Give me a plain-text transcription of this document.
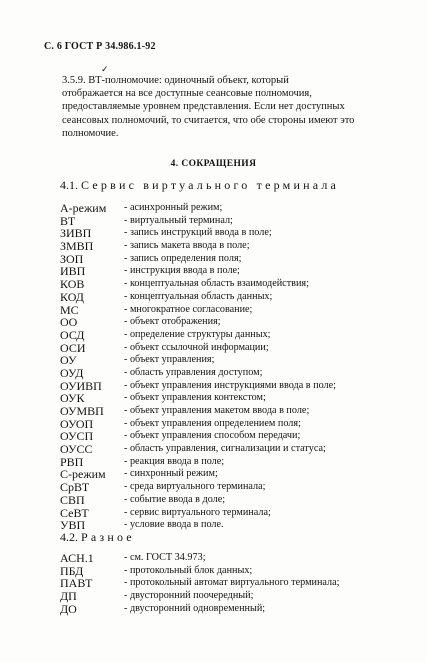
С. 6 ГОСТ Р 34.986.1-92
✓

3.5.9. ВТ-полномочие: одиночный объект, который

отображается на все доступные сеансовые полномочия,

предоставляемые уровнем представления. Если нет доступных

сеансовых полномочий, то считается, что обе стороны имеют это

полномочие.

4. СОКРАЩЕНИЯ
4.1. Сервис виртуального терминала
А-режим - асинхронный режим;
ВТ	- виртуальный терминал;
ЗИВП	- запись инструкций ввода в поле;
ЗМВП	- запись макета ввода в поле;
ЗОП	- запись определения поля;
ИВП	- инструкция ввода в поле;
КОВ	- концептуальная область взаимодействия;
КОД	- концептуальная область данных;
МС	- многократное согласование;
ОО	- объект отображения;
ОСД	- определение структуры данных;
ОСИ	- объект ссылочной информации;
ОУ	- объект управления;
ОУД	- область управления доступом;
ОУИВП - объект управления инструкциями ввода в поле;
ОУК	- объект управления контекстом;
ОУМВП - объект управления макетом ввода в поле;
ОУОП	- объект управления определением поля;
ОУСП	- объект управления способом передачи;
ОУСС	- область управления, сигнализации и статуса;
РВП	- реакция ввода в поле;
С-режим - синхронный режим;
СрВТ	- среда виртуального терминала;
СВП	- событие ввода в доле;
СеВТ	- сервис виртуального терминала;
УВП	- условие ввода в поле.
4.2. Разное
АСН.1	- см. ГОСТ 34.973;
ПБД	- протокольный блок данных;
ПАВТ	- протокольный автомат виртуального терминала;
ДП	- двусторонний поочередный;
ДО	- двусторонний одновременный;
